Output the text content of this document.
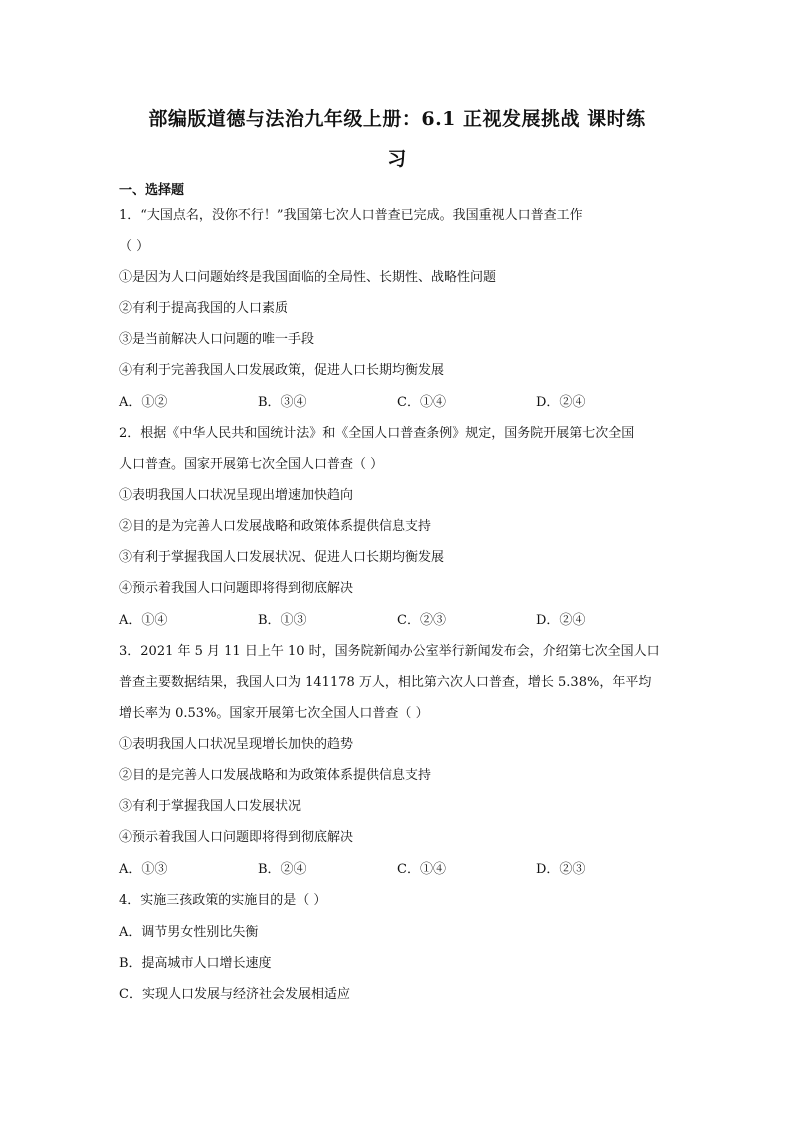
部编版道德与法治九年级上册：6.1 正视发展挑战 课时练
习
一、选择题
1．“大国点名，没你不行！”我国第七次人口普查已完成。我国重视人口普查工作
（ ）
①是因为人口问题始终是我国面临的全局性、长期性、战略性问题
②有利于提高我国的人口素质
③是当前解决人口问题的唯一手段
④有利于完善我国人口发展政策，促进人口长期均衡发展
A．①②	B．③④	C．①④	D．②④
2．根据《中华人民共和国统计法》和《全国人口普查条例》规定，国务院开展第七次全国
人口普查。国家开展第七次全国人口普查（ ）
①表明我国人口状况呈现出增速加快趋向
②目的是为完善人口发展战略和政策体系提供信息支持
③有利于掌握我国人口发展状况、促进人口长期均衡发展
④预示着我国人口问题即将得到彻底解决
A．①④	B．①③	C．②③	D．②④
3．2021 年 5 月 11 日上午 10 时，国务院新闻办公室举行新闻发布会，介绍第七次全国人口
普查主要数据结果，我国人口为 141178 万人，相比第六次人口普查，增长 5.38%，年平均
增长率为 0.53%。国家开展第七次全国人口普查（ ）
①表明我国人口状况呈现增长加快的趋势
②目的是完善人口发展战略和为政策体系提供信息支持
③有利于掌握我国人口发展状况
④预示着我国人口问题即将得到彻底解决
A．①③	B．②④	C．①④	D．②③
4．实施三孩政策的实施目的是（ ）
A．调节男女性别比失衡
B．提高城市人口增长速度
C．实现人口发展与经济社会发展相适应
